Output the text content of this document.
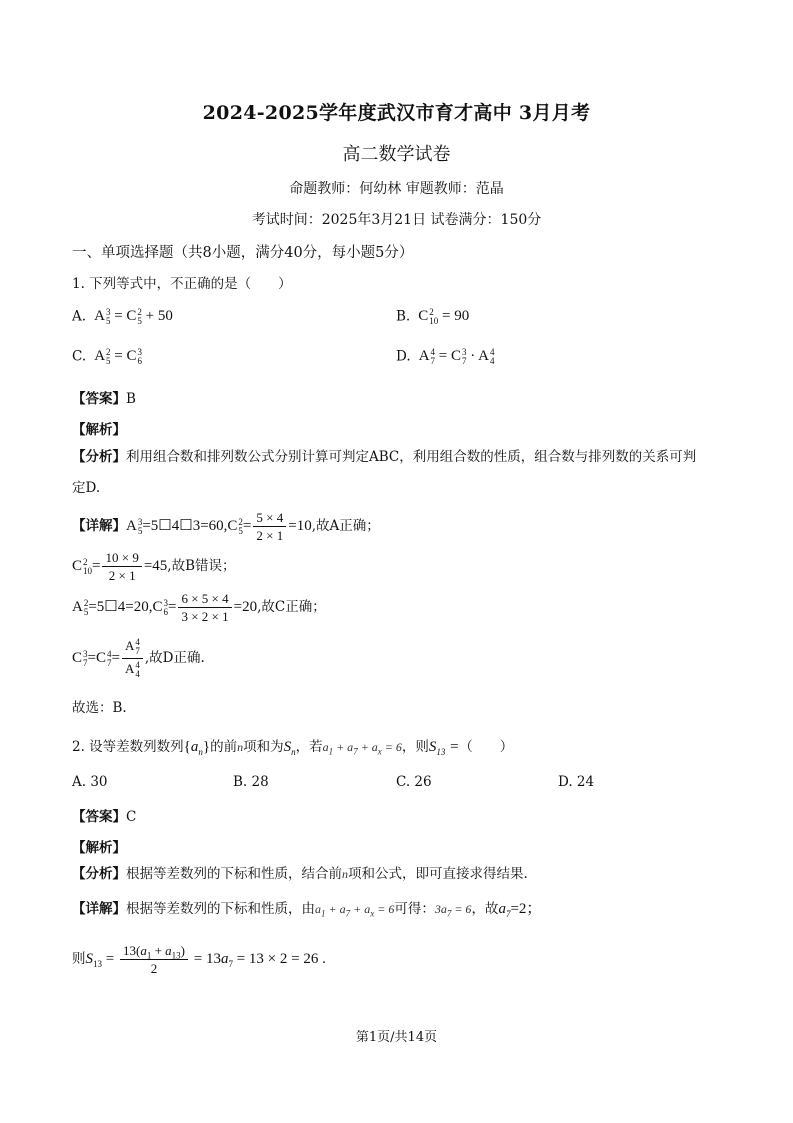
2024-2025学年度武汉市育才高中 3月月考
高二数学试卷
命题教师：何幼林 审题教师：范晶
考试时间：2025年3月21日 试卷满分：150分
一、单项选择题（共8小题，满分40分，每小题5分）
1. 下列等式中，不正确的是（　　）
A.  A 3
5 = C 2
5 + 50	B.  C 2
10 = 90
C.  A 2
5 = C 3
6	D.  A 4
7 = C 3
7 · A 4
4
【答案】B
【解析】
【分析】利用组合数和排列数公式分别计算可判定ABC，利用组合数的性质，组合数与排列数的关系可判
定D.
【详解】A 3
5 =5☐4☐3=60,C 2
$5 = \frac{5 \times 4}{2 \times 1} =10$,故A正确；
C 2
$10 = \frac{10 \times 9}{2 \times 1} =45$,故B错误；
A 2
5 =5☐4=20,C 3
$6 = \frac{6 \times 5 \times 4}{3 \times 2 \times 1} =20$,故C正确；
C 3
7 =C 4
7 = A 4
7
A 4
4 ,故D正确.
故选：B.
2. 设等差数列数列$\{a_n\}$的前n项和为$S_n$，若$a_1 + a_7 + a_x = 6$，则$S_{13}$ =（　　）
A. 30	B. 28	C. 26	D. 24
【答案】C
【解析】
【分析】根据等差数列的下标和性质，结合前n项和公式，即可直接求得结果.
【详解】根据等差数列的下标和性质，由$a_1 + a_7 + a_x = 6$可得：$3a_7 = 6$，故$a_7=2$；
则$S_{13} = \frac{13(a_1 + a_{13})}{2} = 13a_7 = 13 \times 2 = 26$ .
第1页/共14页
